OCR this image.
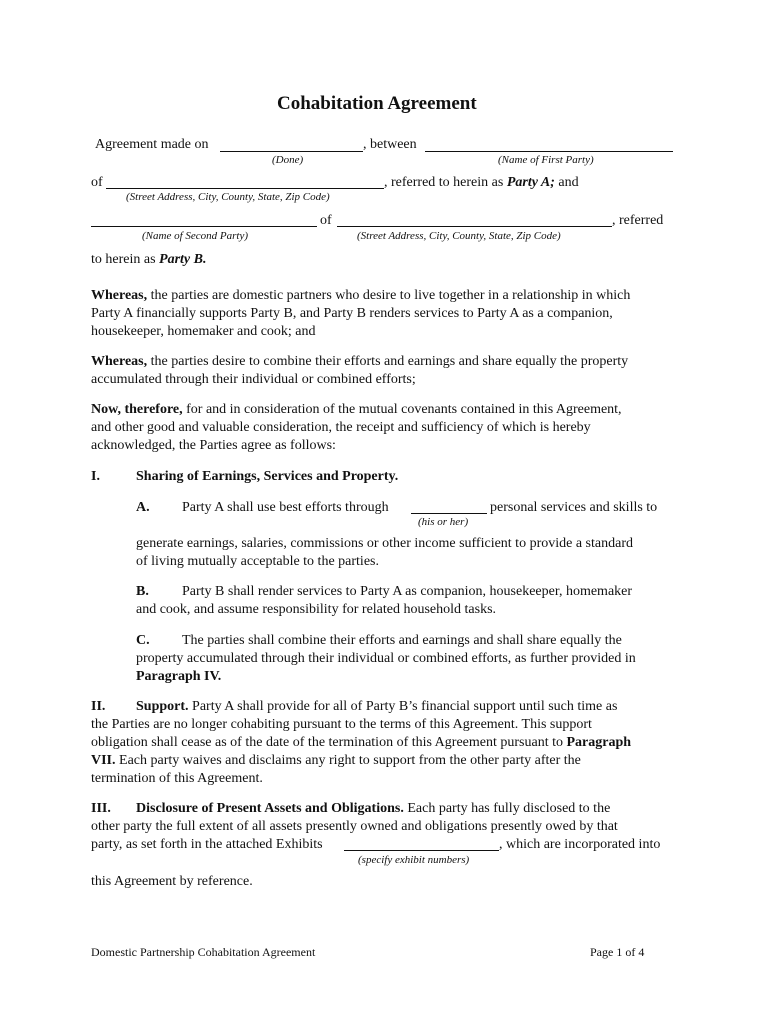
Cohabitation Agreement
Agreement made on	, between
(Done)	(Name of First Party)
of	, referred to herein as Party A; and
(Street Address, City, County, State, Zip Code)
of	, referred
(Name of Second Party)	(Street Address, City, County, State, Zip Code)
to herein as Party B.

Whereas, the parties are domestic partners who desire to live together in a relationship in which

Party A financially supports Party B, and Party B renders services to Party A as a companion,

housekeeper, homemaker and cook; and

Whereas, the parties desire to combine their efforts and earnings and share equally the property

accumulated through their individual or combined efforts;

Now, therefore, for and in consideration of the mutual covenants contained in this Agreement,

and other good and valuable consideration, the receipt and sufficiency of which is hereby

acknowledged, the Parties agree as follows:

I.	Sharing of Earnings, Services and Property.
A. Party A shall use best efforts through	personal services and skills to
(his or her)

generate earnings, salaries, commissions or other income sufficient to provide a standard

of living mutually acceptable to the parties.

B. Party B shall render services to Party A as companion, housekeeper, homemaker

and cook, and assume responsibility for related household tasks.

C. The parties shall combine their efforts and earnings and shall share equally the

property accumulated through their individual or combined efforts, as further provided in

Paragraph IV.

II. Support. Party A shall provide for all of Party B’s financial support until such time as

the Parties are no longer cohabiting pursuant to the terms of this Agreement. This support

obligation shall cease as of the date of the termination of this Agreement pursuant to Paragraph

VII. Each party waives and disclaims any right to support from the other party after the

termination of this Agreement.

III. Disclosure of Present Assets and Obligations. Each party has fully disclosed to the

other party the full extent of all assets presently owned and obligations presently owed by that

party, as set forth in the attached Exhibits	, which are incorporated into
(specify exhibit numbers)
this Agreement by reference.
Domestic Partnership Cohabitation Agreement	Page 1 of 4
